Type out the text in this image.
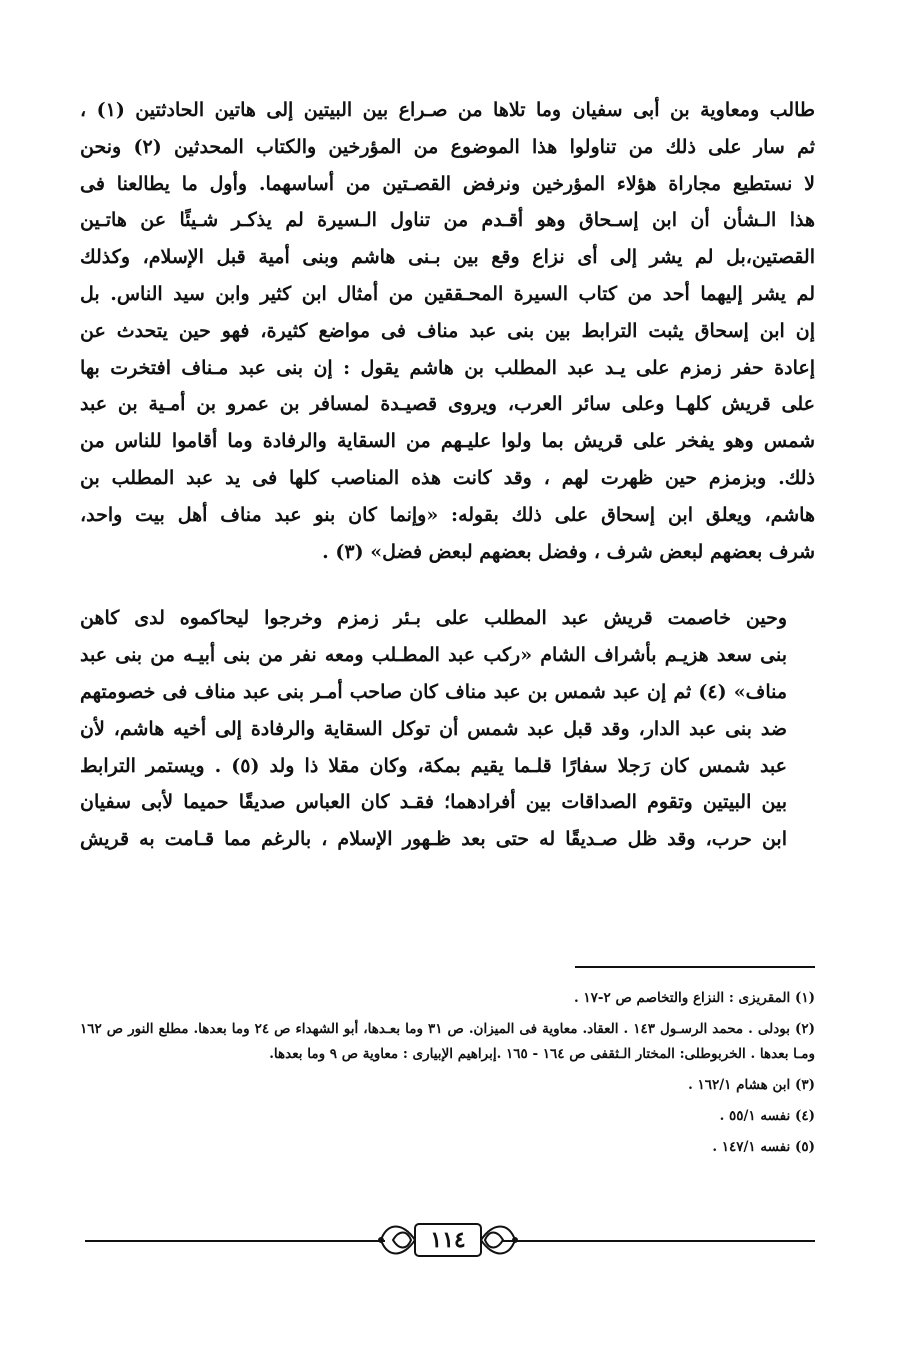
طالب ومعاوية بن أبى سفيان وما تلاها من صـراع بين البيتين إلى هاتين الحادثتين (١) ،
ثم سار على ذلك من تناولوا هذا الموضوع من المؤرخين والكتاب المحدثين (٢) ونحن
لا نستطيع مجاراة هؤلاء المؤرخين ونرفض القصـتين من أساسهما. وأول ما يطالعنا فى
هذا الـشأن أن ابن إسـحاق وهو أقـدم من تناول الـسيرة لم يذكـر شـيئًا عن هاتـين
القصتين،بل لم يشر إلى أى نزاع وقع بين بـنى هاشم وبنى أمية قبل الإسلام، وكذلك
لم يشر إليهما أحد من كتاب السيرة المحـققين من أمثال ابن كثير وابن سيد الناس. بل
إن ابن إسحاق يثبت الترابط بين بنى عبد مناف فى مواضع كثيرة، فهو حين يتحدث عن
إعادة حفر زمزم على يـد عبد المطلب بن هاشم يقول : إن بنى عبد مـناف افتخرت بها
على قريش كلهـا وعلى سائر العرب، ويروى قصيـدة لمسافر بن عمرو بن أمـية بن عبد
شمس وهو يفخر على قريش بما ولوا عليـهم من السقاية والرفادة وما أقاموا للناس من
ذلك. وبزمزم حين ظهرت لهم ، وقد كانت هذه المناصب كلها فى يد عبد المطلب بن
هاشم، ويعلق ابن إسحاق على ذلك بقوله: «وإنما كان بنو عبد مناف أهل بيت واحد،
شرف بعضهم لبعض شرف ، وفضل بعضهم لبعض فضل» (٣) .

وحين خاصمت قريش عبد المطلب على بـئر زمزم وخرجوا ليحاكموه لدى كاهن
بنى سعد هزيـم بأشراف الشام «ركب عبد المطـلب ومعه نفر من بنى أبيـه من بنى عبد
مناف» (٤) ثم إن عبد شمس بن عبد مناف كان صاحب أمـر بنى عبد مناف فى خصومتهم
ضد بنى عبد الدار، وقد قبل عبد شمس أن توكل السقاية والرفادة إلى أخيه هاشم، لأن
عبد شمس كان رَجلا سفارًا قلـما يقيم بمكة، وكان مقلا ذا ولد (٥) . ويستمر الترابط
بين البيتين وتقوم الصداقات بين أفرادهما؛ فقـد كان العباس صديقًا حميما لأبى سفيان
ابن حرب، وقد ظل صـديقًا له حتى بعد ظـهور الإسلام ، بالرغم مما قـامت به قريش

(١) المقريزى : النزاع والتخاصم ص ٢-١٧ .

(٢) بودلى . محمد الرسـول ١٤٣ . العقاد. معاوية فى الميزان. ص ٣١ وما بعـدها، أبو الشهداء ص ٢٤ وما بعدها. مطلع النور ص ١٦٢ ومـا بعدها . الخربوطلى: المختار الـثقفى ص ١٦٤ - ١٦٥ .إبراهيم الإبيارى : معاوية ص ٩ وما بعدها.

(٣) ابن هشام ١٦٢/١ .

(٤) نفسه ٥٥/١ .

(٥) نفسه ١٤٧/١ .

١١٤
